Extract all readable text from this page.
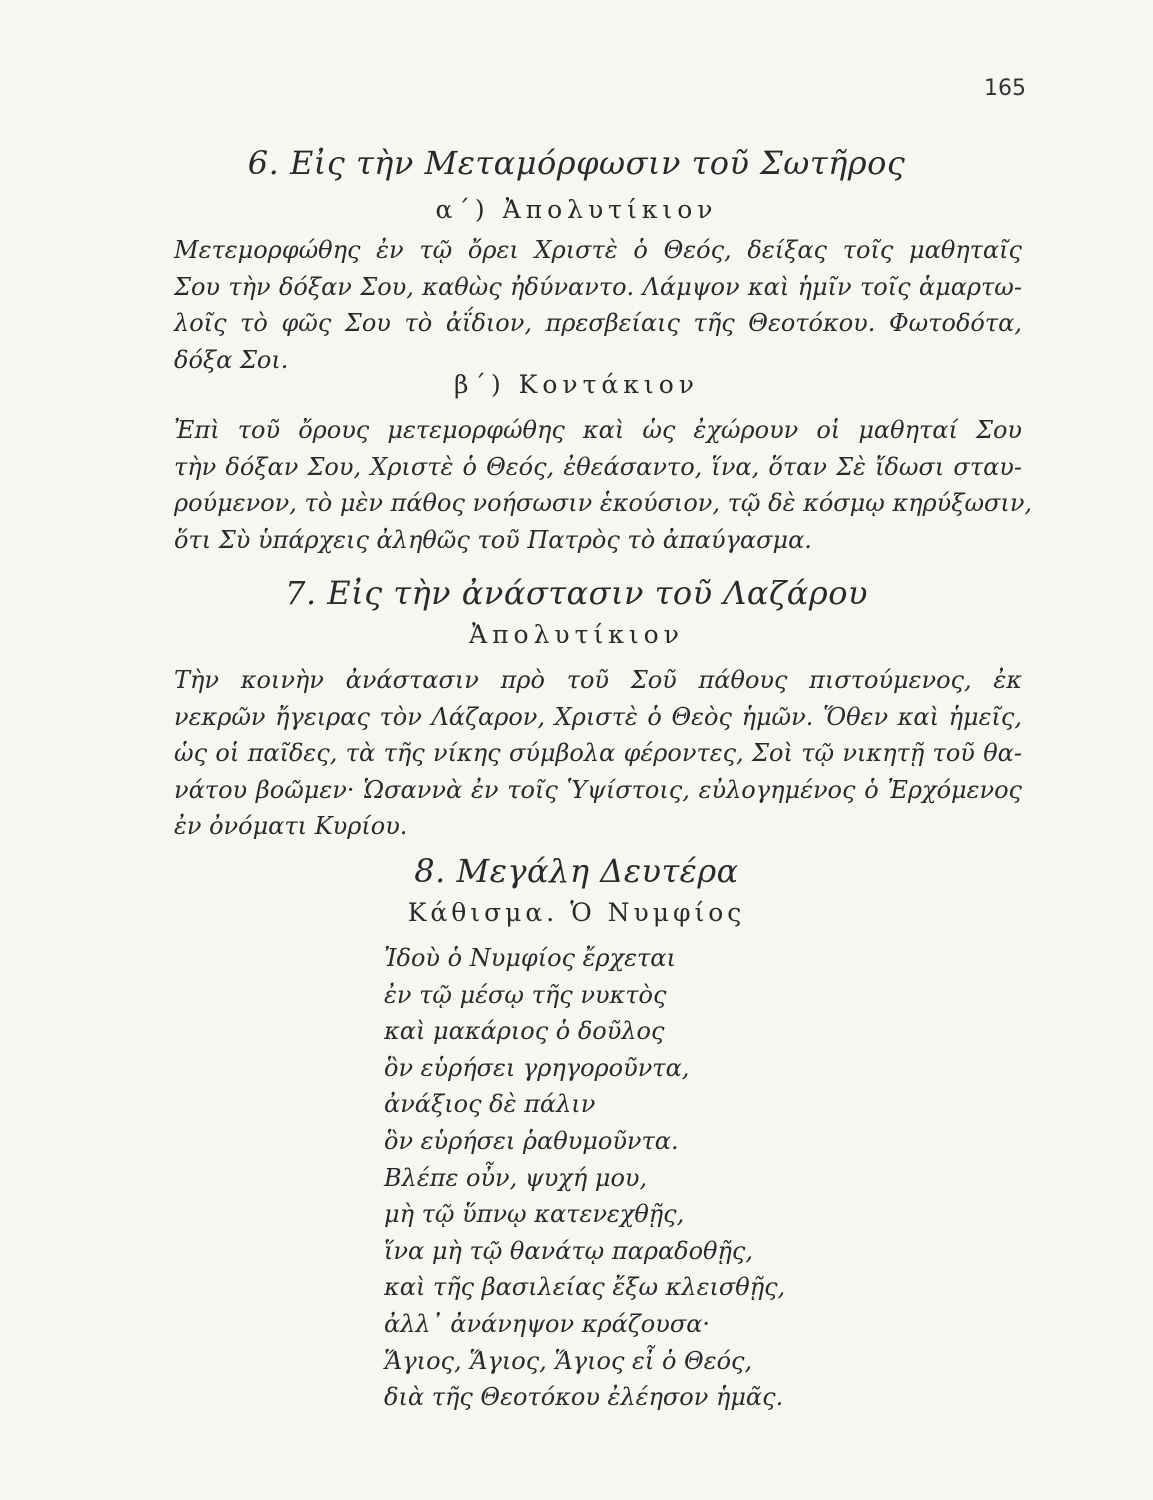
165
6. Εἰς τὴν Μεταμόρφωσιν τοῦ Σωτῆρος
α΄) Ἀπολυτίκιον
Μετεμορφώθης ἐν τῷ ὄρει Χριστὲ ὁ Θεός, δείξας τοῖς μαθηταῖς
Σου τὴν δόξαν Σου, καθὼς ἠδύναντο. Λάμψον καὶ ἡμῖν τοῖς ἁμαρτω-
λοῖς τὸ φῶς Σου τὸ ἀΐδιον, πρεσβείαις τῆς Θεοτόκου. Φωτοδότα,
δόξα Σοι.
β΄) Κοντάκιον
Ἐπὶ τοῦ ὄρους μετεμορφώθης καὶ ὡς ἐχώρουν οἱ μαθηταί Σου
τὴν δόξαν Σου, Χριστὲ ὁ Θεός, ἐθεάσαντο, ἵνα, ὅταν Σὲ ἴδωσι σταυ-
ρούμενον, τὸ μὲν πάθος νοήσωσιν ἑκούσιον, τῷ δὲ κόσμῳ κηρύξωσιν,
ὅτι Σὺ ὑπάρχεις ἀληθῶς τοῦ Πατρὸς τὸ ἀπαύγασμα.
7. Εἰς τὴν ἀνάστασιν τοῦ Λαζάρου
Ἀπολυτίκιον
Τὴν κοινὴν ἀνάστασιν πρὸ τοῦ Σοῦ πάθους πιστούμενος, ἐκ
νεκρῶν ἤγειρας τὸν Λάζαρον, Χριστὲ ὁ Θεὸς ἡμῶν. Ὅθεν καὶ ἡμεῖς,
ὡς οἱ παῖδες, τὰ τῆς νίκης σύμβολα φέροντες, Σοὶ τῷ νικητῇ τοῦ θα-
νάτου βοῶμεν· Ὡσαννὰ ἐν τοῖς Ὑψίστοις, εὐλογημένος ὁ Ἐρχόμενος
ἐν ὀνόματι Κυρίου.
8. Μεγάλη Δευτέρα
Κάθισμα. Ὁ Νυμφίος
Ἰδοὺ ὁ Νυμφίος ἔρχεται
ἐν τῷ μέσῳ τῆς νυκτὸς
καὶ μακάριος ὁ δοῦλος
ὃν εὑρήσει γρηγοροῦντα,
ἀνάξιος δὲ πάλιν
ὃν εὑρήσει ῥαθυμοῦντα.
Βλέπε οὖν, ψυχή μου,
μὴ τῷ ὕπνῳ κατενεχθῇς,
ἵνα μὴ τῷ θανάτῳ παραδοθῇς,
καὶ τῆς βασιλείας ἔξω κλεισθῇς,
ἀλλ᾿ ἀνάνηψον κράζουσα·
Ἅγιος, Ἅγιος, Ἅγιος εἶ ὁ Θεός,
διὰ τῆς Θεοτόκου ἐλέησον ἡμᾶς.
